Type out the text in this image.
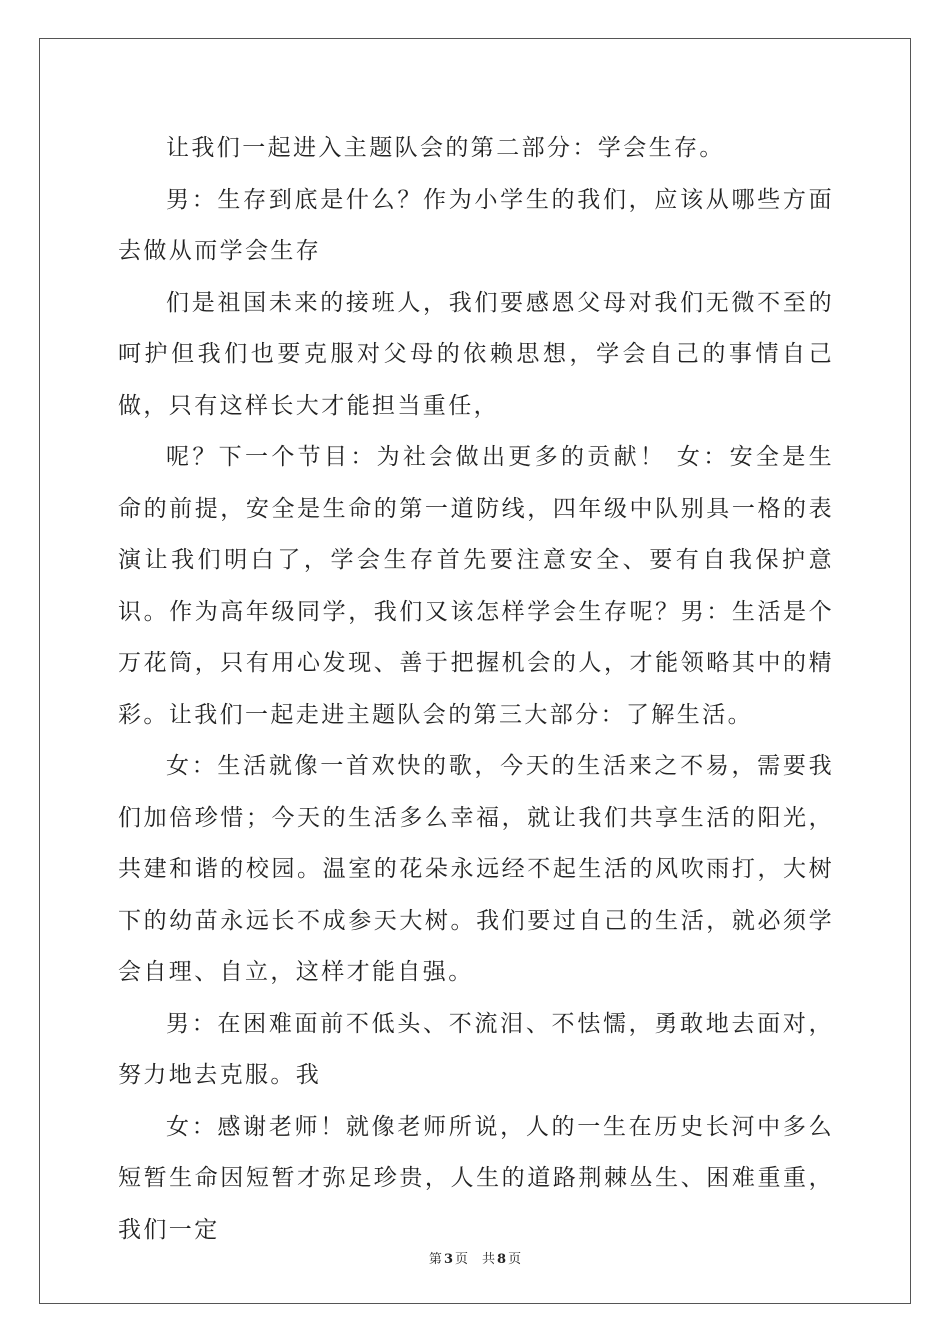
让我们一起进入主题队会的第二部分：学会生存。

男：生存到底是什么？作为小学生的我们，应该从哪些方面去做从而学会生存

们是祖国未来的接班人，我们要感恩父母对我们无微不至的呵护但我们也要克服对父母的依赖思想，学会自己的事情自己做，只有这样长大才能担当重任，

呢？下一个节目：为社会做出更多的贡献！ 女：安全是生命的前提，安全是生命的第一道防线，四年级中队别具一格的表演让我们明白了，学会生存首先要注意安全、要有自我保护意识。作为高年级同学，我们又该怎样学会生存呢？男：生活是个万花筒，只有用心发现、善于把握机会的人，才能领略其中的精彩。让我们一起走进主题队会的第三大部分：了解生活。

女：生活就像一首欢快的歌，今天的生活来之不易，需要我们加倍珍惜；今天的生活多么幸福，就让我们共享生活的阳光，共建和谐的校园。温室的花朵永远经不起生活的风吹雨打，大树下的幼苗永远长不成参天大树。我们要过自己的生活，就必须学会自理、自立，这样才能自强。

男：在困难面前不低头、不流泪、不怯懦，勇敢地去面对，努力地去克服。我

女：感谢老师！就像老师所说，人的一生在历史长河中多么短暂生命因短暂才弥足珍贵，人生的道路荆棘丛生、困难重重，我们一定

第 3 页 共 8 页
